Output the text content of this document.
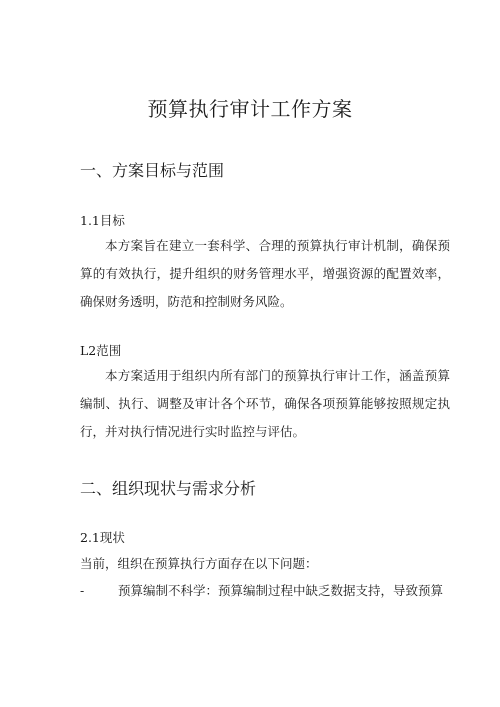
预算执行审计工作方案
一、方案目标与范围
1.1目标

本方案旨在建立一套科学、合理的预算执行审计机制，确保预算的有效执行，提升组织的财务管理水平，增强资源的配置效率，确保财务透明，防范和控制财务风险。

L2范围

本方案适用于组织内所有部门的预算执行审计工作，涵盖预算编制、执行、调整及审计各个环节，确保各项预算能够按照规定执行，并对执行情况进行实时监控与评估。

二、组织现状与需求分析
2.1现状
当前，组织在预算执行方面存在以下问题：
-	预算编制不科学：预算编制过程中缺乏数据支持，导致预算
